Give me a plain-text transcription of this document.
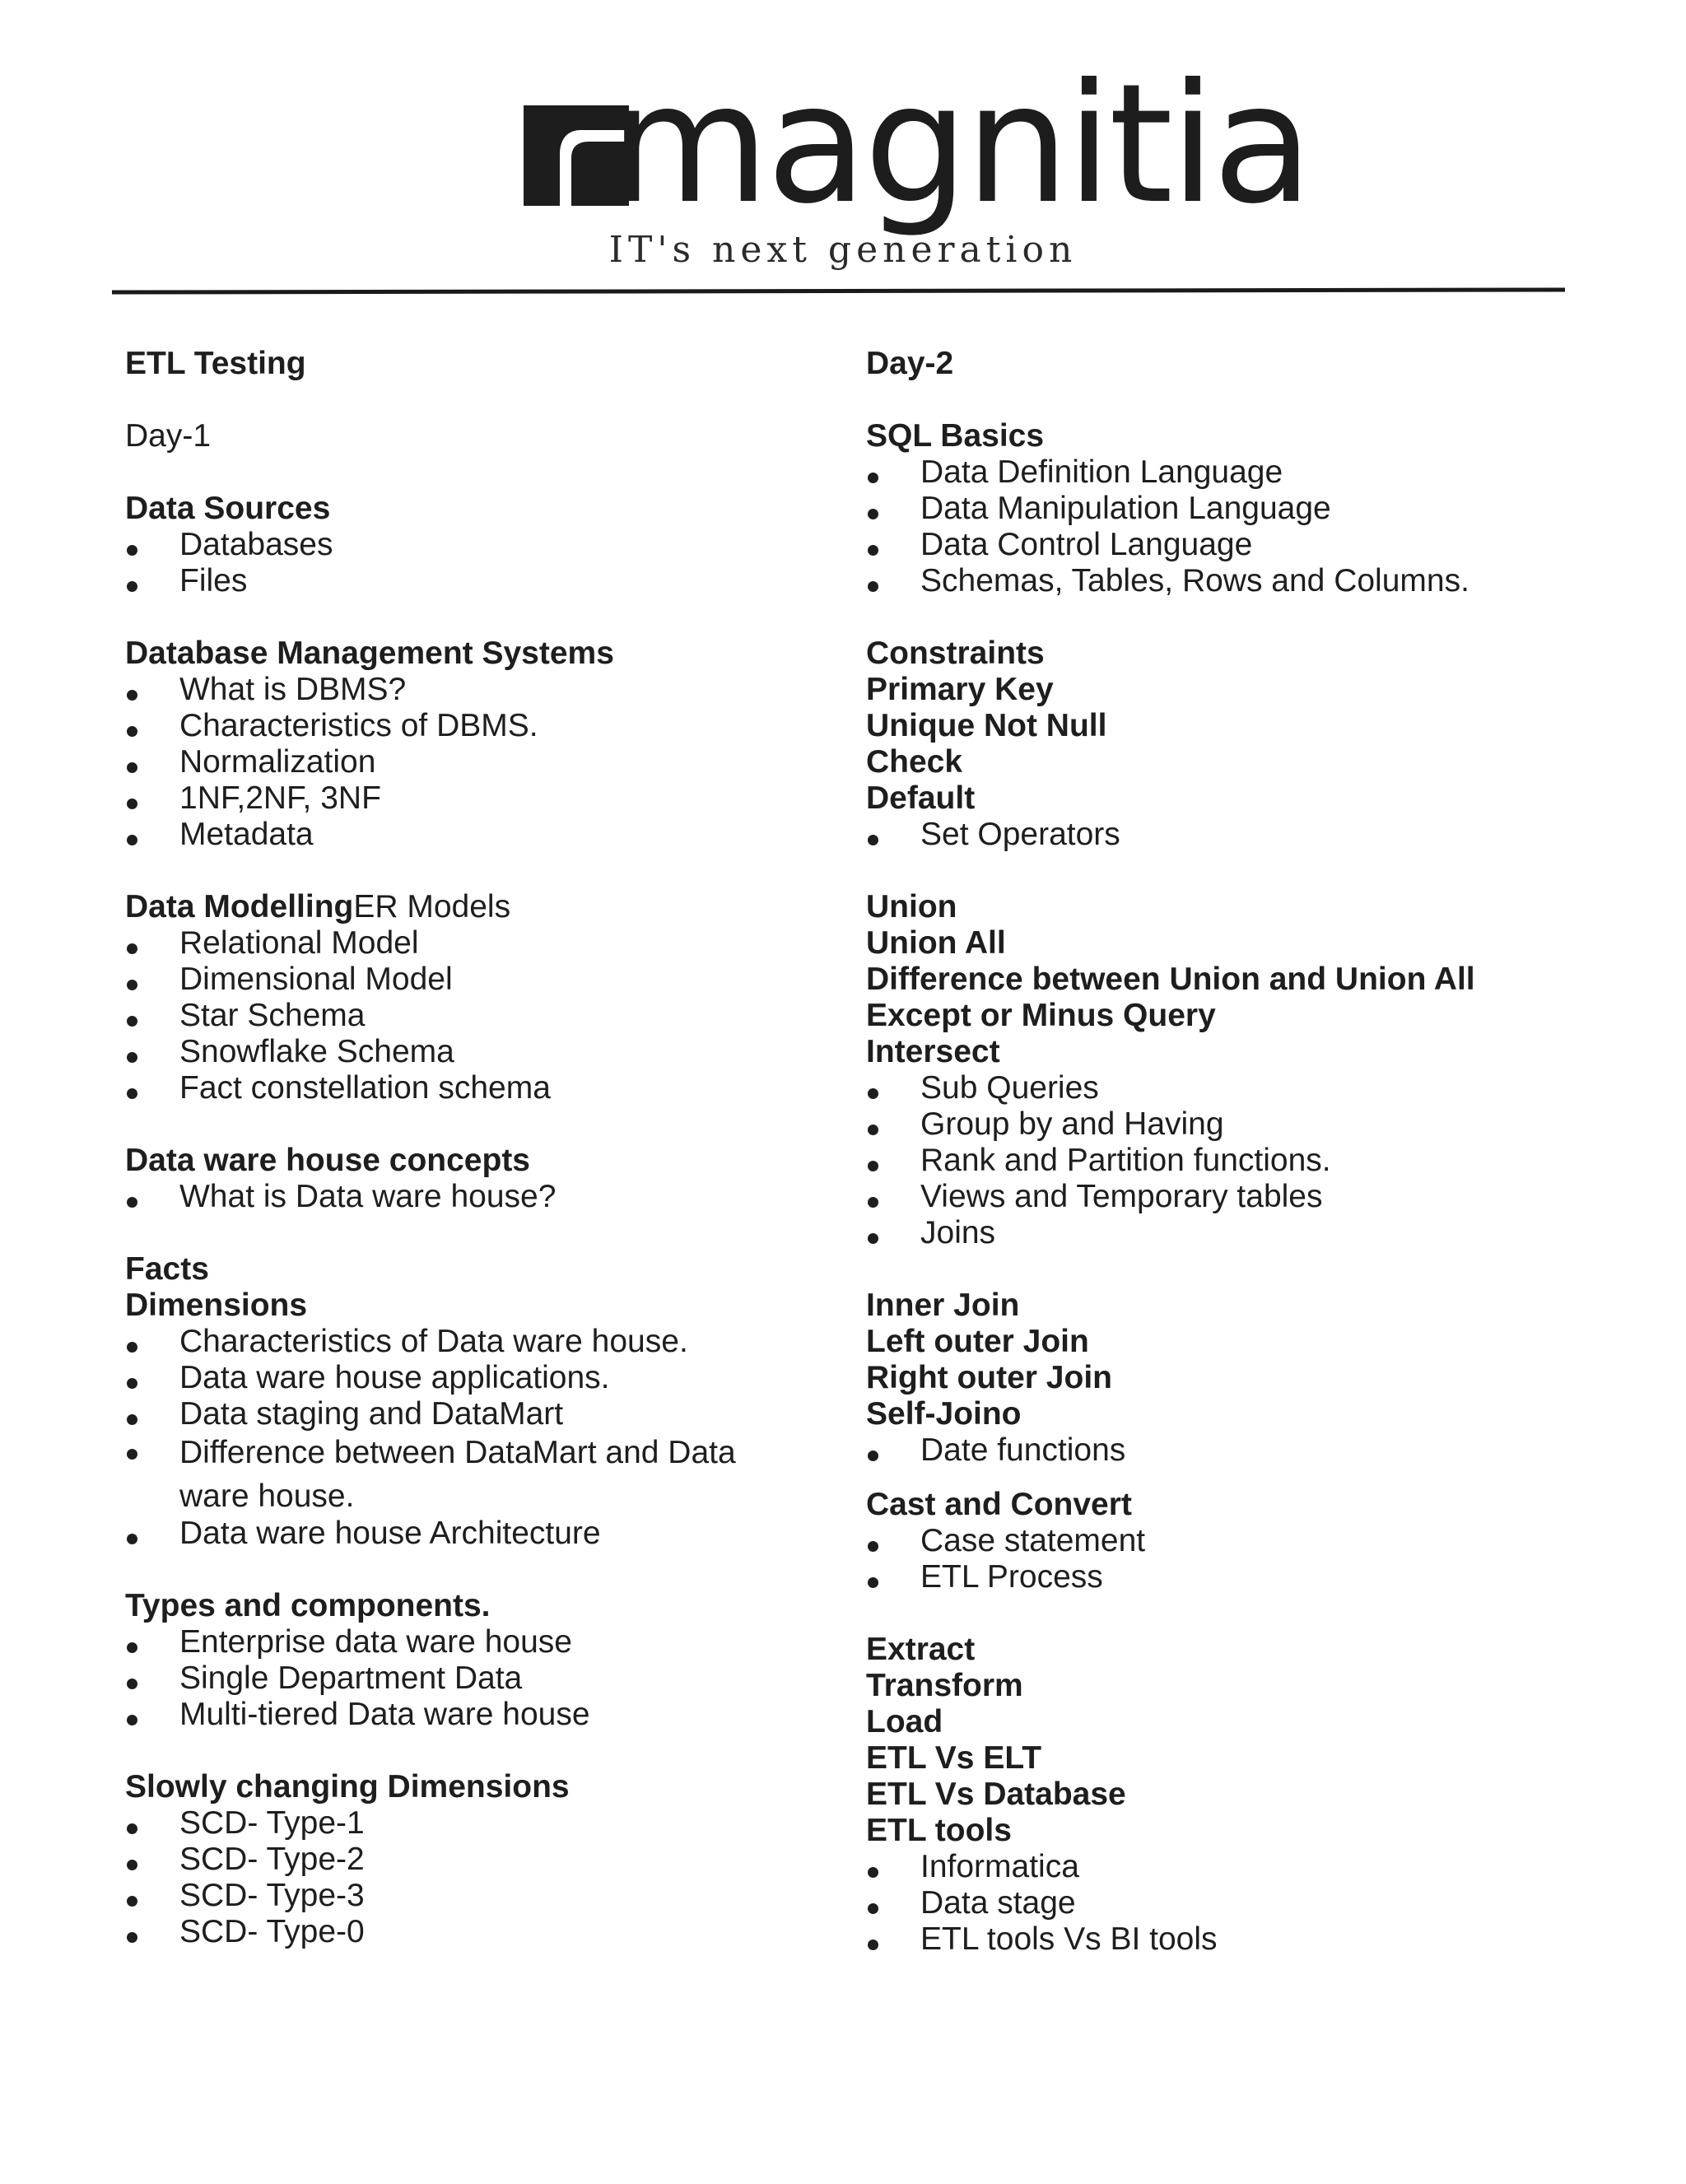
magnitia
IT's next generation
ETL Testing
Day-1
Data Sources
Databases
Files
Database Management Systems
What is DBMS?
Characteristics of DBMS.
Normalization
1NF,2NF, 3NF
Metadata
Data ModellingER Models
Relational Model
Dimensional Model
Star Schema
Snowflake Schema
Fact constellation schema
Data ware house concepts
What is Data ware house?
Facts
Dimensions
Characteristics of Data ware house.
Data ware house applications.
Data staging and DataMart
Difference between DataMart and Data ware house.
Data ware house Architecture
Types and components.
Enterprise data ware house
Single Department Data
Multi-tiered Data ware house
Slowly changing Dimensions
SCD- Type-1
SCD- Type-2
SCD- Type-3
SCD- Type-0
Day-2
SQL Basics
Data Definition Language
Data Manipulation Language
Data Control Language
Schemas, Tables, Rows and Columns.
Constraints
Primary Key
Unique Not Null
Check
Default
Set Operators
Union
Union All
Difference between Union and Union All
Except or Minus Query
Intersect
Sub Queries
Group by and Having
Rank and Partition functions.
Views and Temporary tables
Joins
Inner Join
Left outer Join
Right outer Join
Self-Joino
Date functions
Cast and Convert
Case statement
ETL Process
Extract
Transform
Load
ETL Vs ELT
ETL Vs Database
ETL tools
Informatica
Data stage
ETL tools Vs BI tools
